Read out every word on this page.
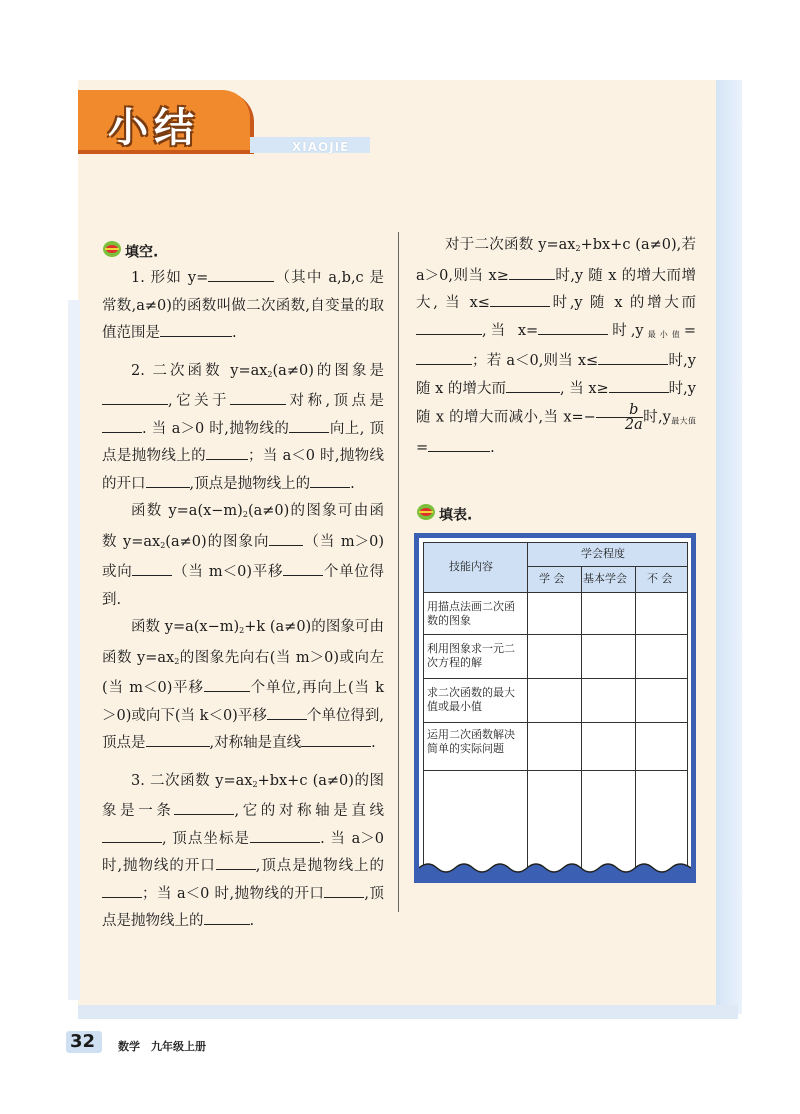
小结	XIAOJIE
填空.

1. 形如 y=	（其中 a,b,c 是常数,a≠0)的函数叫做二次函数,自变量的取值范围是	.

2. 二次函数 $y=ax^2(a\ne 0)$的图象是,它关于	对称,顶点是. 当 a＞0 时,抛物线的	向上, 顶点是抛物线上的	；当 a＜0 时,抛物线的开口	,顶点是抛物线上的	.

函数 $y=a(x-m)^2(a\ne 0)$的图象可由函数 $y=ax^2(a\ne 0)$的图象向 （当 m＞0)或向	（当 m＜0)平移	个单位得到.

函数 $y=a(x-m)^2+k$ (a≠0)的图象可由函数 $y=ax^2$的图象先向右(当 m＞0)或向左(当 m＜0)平移	个单位,再向上(当 k＞0)或向下(当 k＜0)平移	个单位得到,顶点是	,对称轴是直线	.

3. 二次函数 $y=ax^2+bx+c$ (a≠0)的图象是一条	,它的对称轴是直线, 顶点坐标是	. 当 a＞0 时,抛物线的开口	,顶点是抛物线上的；当 a＜0 时,抛物线的开口	,顶点是抛物线上的	.

对于二次函数 $y=ax^2+bx+c$ (a≠0),若 a＞0,则当 x≥	时,y 随 x 的增大而增大, 当 x≤	时,y 随 x 的增大而,当 x=	时$,y_{最小值}=$；若 a＜0,则当 x≤	时,y 随 x 的增大而	, 当 x≥	时,y 随 x 的增大而减小,当 $x=- \frac{b}{2a}$ 时$,y_{最大值}=$	.

填表.
技能内容
学会程度
学 会 基本学会 不 会
用描点法画二次函数的图象
利用图象求一元二次方程的解
求二次函数的最大值或最小值
运用二次函数解决简单的实际问题
32 数学　九年级上册
